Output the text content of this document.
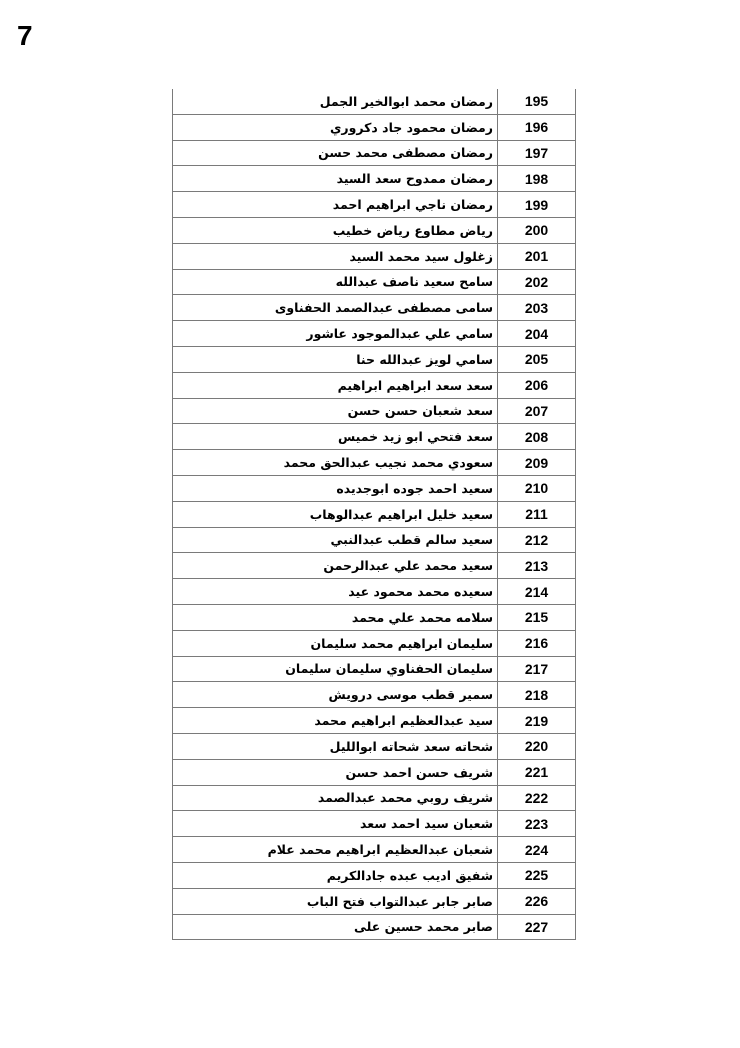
7
رمضان محمد ابوالخير الجمل	195
رمضان محمود جاد دكروري	196
رمضان مصطفى محمد حسن	197
رمضان ممدوح سعد السيد	198
رمضان ناجي ابراهيم احمد	199
رياض مطاوع رياض خطيب	200
زغلول سيد محمد السيد	201
سامح سعيد ناصف عبدالله	202
سامى مصطفى عبدالصمد الحفناوى	203
سامي علي عبدالموجود عاشور	204
سامي لويز عبدالله حنا	205
سعد سعد ابراهيم ابراهيم	206
سعد شعبان حسن حسن	207
سعد فتحي ابو زيد خميس	208
سعودي محمد نجيب عبدالحق محمد	209
سعيد احمد جوده ابوجديده	210
سعيد خليل ابراهيم عبدالوهاب	211
سعيد سالم قطب عبدالنبي	212
سعيد محمد علي عبدالرحمن	213
سعيده محمد محمود عيد	214
سلامه محمد علي محمد	215
سليمان ابراهيم محمد سليمان	216
سليمان الحفناوي سليمان سليمان	217
سمير قطب موسى درويش	218
سيد عبدالعظيم ابراهيم محمد	219
شحاته سعد شحاته ابوالليل	220
شريف حسن احمد حسن	221
شريف روبي محمد عبدالصمد	222
شعبان سيد احمد سعد	223
شعبان عبدالعظيم ابراهيم محمد علام	224
شفيق اديب عبده جادالكريم	225
صابر جابر عبدالتواب فتح الباب	226
صابر محمد حسين على	227
